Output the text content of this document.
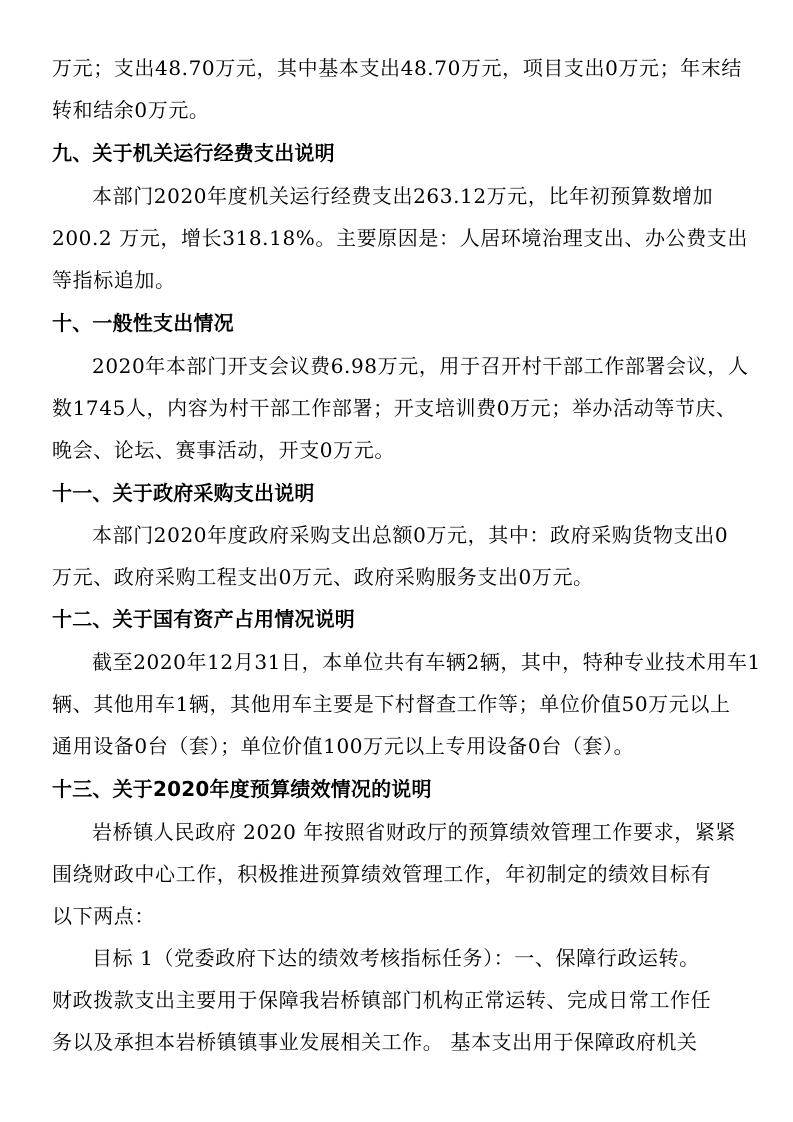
万元；支出48.70万元，其中基本支出48.70万元，项目支出0万元；年末结
转和结余0万元。
九、关于机关运行经费支出说明
本部门2020年度机关运行经费支出263.12万元，比年初预算数增加
200.2 万元，增长318.18%。主要原因是：人居环境治理支出、办公费支出
等指标追加。
十、一般性支出情况
2020年本部门开支会议费6.98万元，用于召开村干部工作部署会议，人
数1745人，内容为村干部工作部署；开支培训费0万元；举办活动等节庆、
晚会、论坛、赛事活动，开支0万元。
十一、关于政府采购支出说明
本部门2020年度政府采购支出总额0万元，其中：政府采购货物支出0
万元、政府采购工程支出0万元、政府采购服务支出0万元。
十二、关于国有资产占用情况说明
截至2020年12月31日，本单位共有车辆2辆，其中，特种专业技术用车1
辆、其他用车1辆，其他用车主要是下村督查工作等；单位价值50万元以上
通用设备0台（套）；单位价值100万元以上专用设备0台（套）。
十三、关于2020年度预算绩效情况的说明
岩桥镇人民政府 2020 年按照省财政厅的预算绩效管理工作要求，紧紧
围绕财政中心工作，积极推进预算绩效管理工作，年初制定的绩效目标有
以下两点：
目标 1（党委政府下达的绩效考核指标任务）：一、保障行政运转。
财政拨款支出主要用于保障我岩桥镇部门机构正常运转、完成日常工作任
务以及承担本岩桥镇镇事业发展相关工作。 基本支出用于保障政府机关
